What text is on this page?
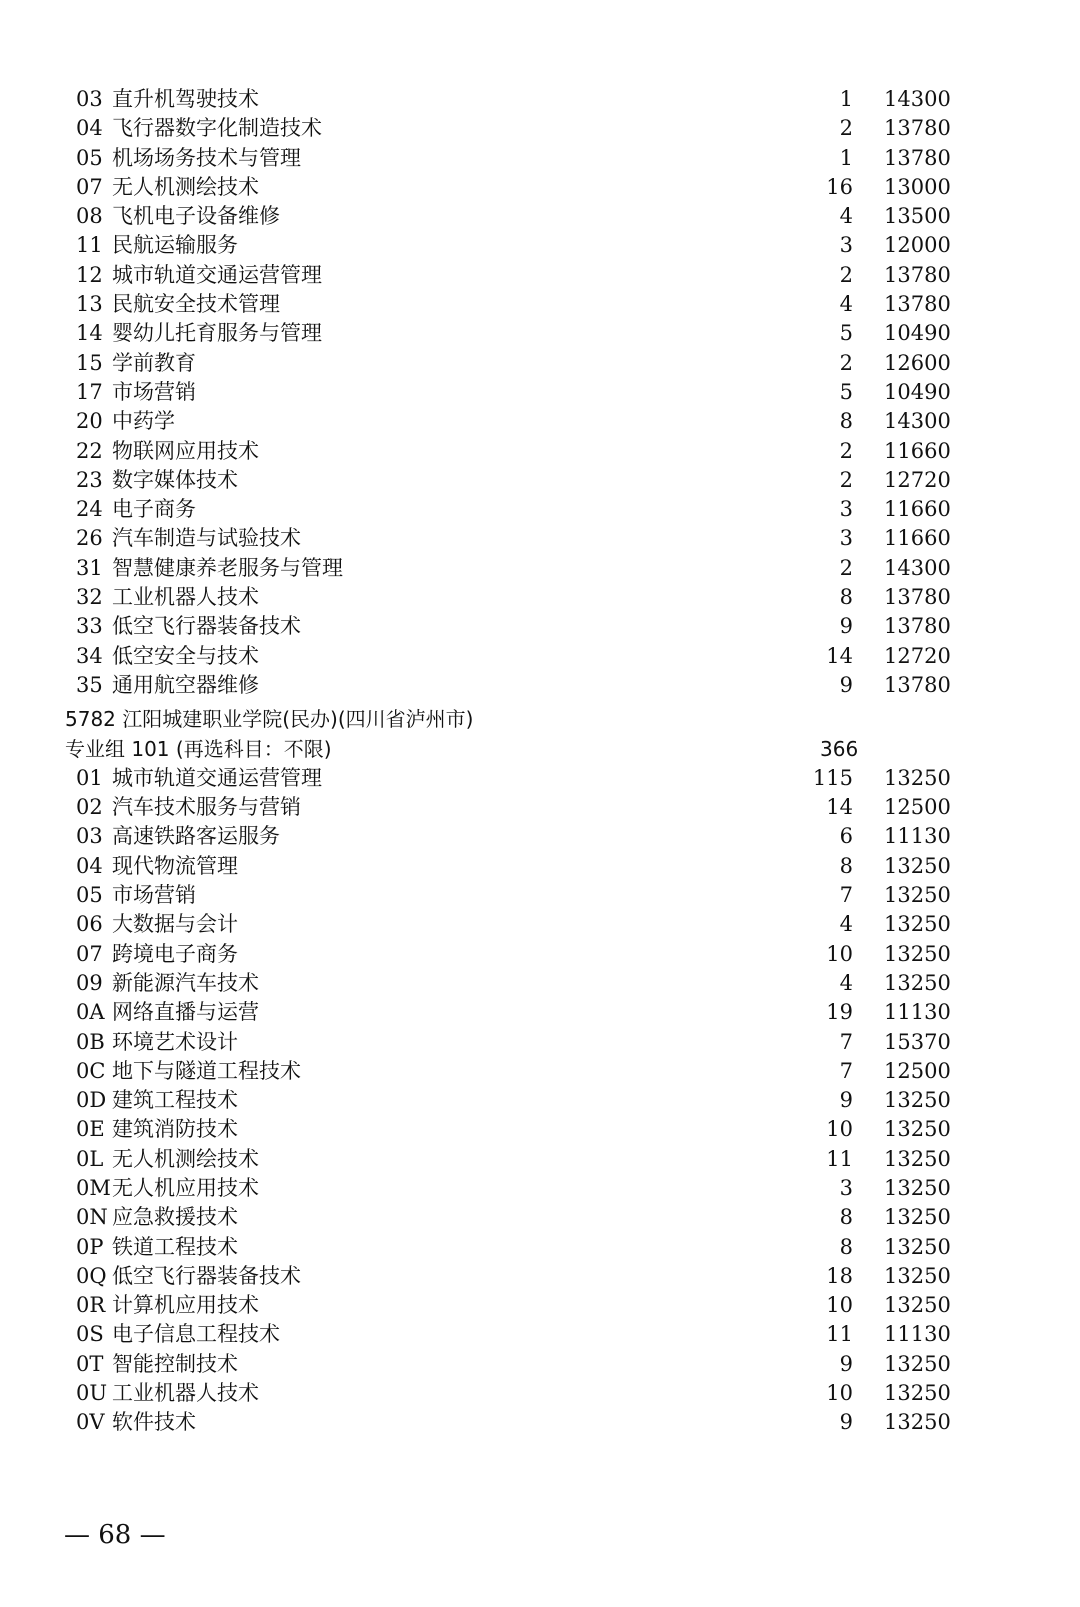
03 直升机驾驶技术	1 14300
04 飞行器数字化制造技术	2 13780
05 机场场务技术与管理	1 13780
07 无人机测绘技术	16 13000
08 飞机电子设备维修	4 13500
11 民航运输服务	3 12000
12 城市轨道交通运营管理	2 13780
13 民航安全技术管理	4 13780
14 婴幼儿托育服务与管理	5 10490
15 学前教育	2 12600
17 市场营销	5 10490
20 中药学	8 14300
22 物联网应用技术	2 11660
23 数字媒体技术	2 12720
24 电子商务	3 11660
26 汽车制造与试验技术	3 11660
31 智慧健康养老服务与管理	2 14300
32 工业机器人技术	8 13780
33 低空飞行器装备技术	9 13780
34 低空安全与技术	14 12720
35 通用航空器维修	9 13780
5782 江阳城建职业学院(民办)(四川省泸州市)
专业组 101 (再选科目：不限)	366
01 城市轨道交通运营管理	115 13250
02 汽车技术服务与营销	14 12500
03 高速铁路客运服务	6 11130
04 现代物流管理	8 13250
05 市场营销	7 13250
06 大数据与会计	4 13250
07 跨境电子商务	10 13250
09 新能源汽车技术	4 13250
0A 网络直播与运营	19 11130
0B 环境艺术设计	7 15370
0C 地下与隧道工程技术	7 12500
0D 建筑工程技术	9 13250
0E 建筑消防技术	10 13250
0L 无人机测绘技术	11 13250
0M 无人机应用技术	3 13250
0N 应急救援技术	8 13250
0P 铁道工程技术	8 13250
0Q 低空飞行器装备技术	18 13250
0R 计算机应用技术	10 13250
0S 电子信息工程技术	11 11130
0T 智能控制技术	9 13250
0U 工业机器人技术	10 13250
0V 软件技术	9 13250
— 68 —
